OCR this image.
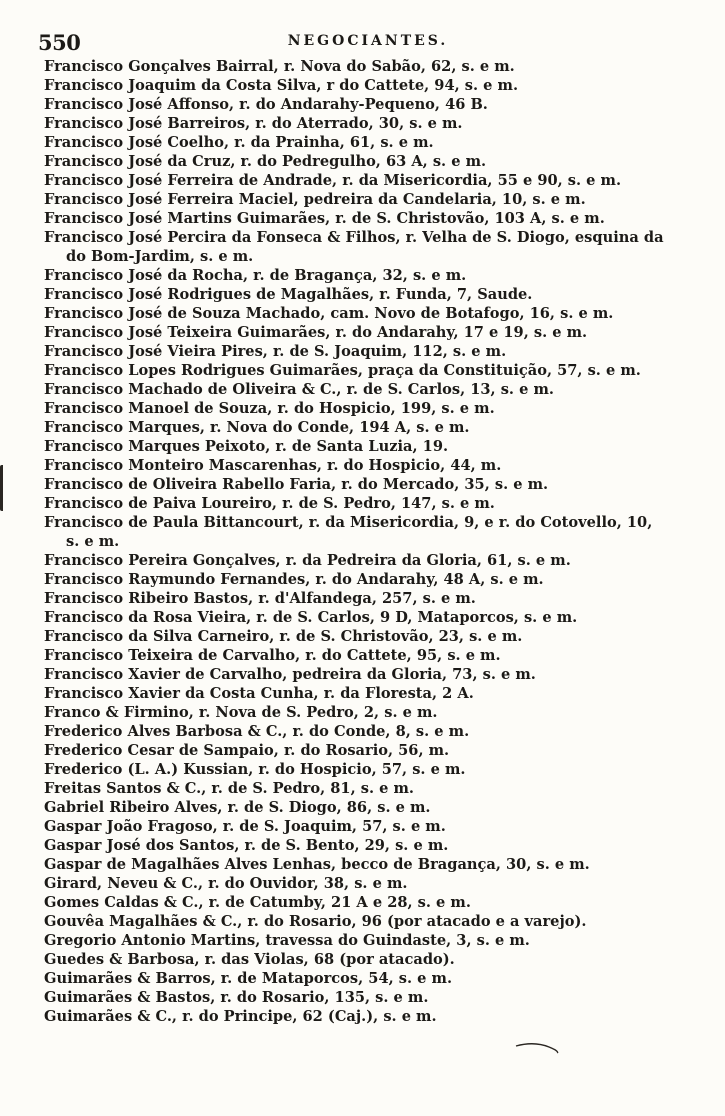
550	NEGOCIANTES.
Francisco Gonçalves Bairral, r. Nova do Sabão, 62, s. e m.
Francisco Joaquim da Costa Silva, r do Cattete, 94, s. e m.
Francisco José Affonso, r. do Andarahy-Pequeno, 46 B.
Francisco José Barreiros, r. do Aterrado, 30, s. e m.
Francisco José Coelho, r. da Prainha, 61, s. e m.
Francisco José da Cruz, r. do Pedregulho, 63 A, s. e m.
Francisco José Ferreira de Andrade, r. da Misericordia, 55 e 90, s. e m.
Francisco José Ferreira Maciel, pedreira da Candelaria, 10, s. e m.
Francisco José Martins Guimarães, r. de S. Christovão, 103 A, s. e m.
Francisco José Percira da Fonseca & Filhos, r. Velha de S. Diogo, esquina da
do Bom-Jardim, s. e m.
Francisco José da Rocha, r. de Bragança, 32, s. e m.
Francisco José Rodrigues de Magalhães, r. Funda, 7, Saude.
Francisco José de Souza Machado, cam. Novo de Botafogo, 16, s. e m.
Francisco José Teixeira Guimarães, r. do Andarahy, 17 e 19, s. e m.
Francisco José Vieira Pires, r. de S. Joaquim, 112, s. e m.
Francisco Lopes Rodrigues Guimarães, praça da Constituição, 57, s. e m.
Francisco Machado de Oliveira & C., r. de S. Carlos, 13, s. e m.
Francisco Manoel de Souza, r. do Hospicio, 199, s. e m.
Francisco Marques, r. Nova do Conde, 194 A, s. e m.
Francisco Marques Peixoto, r. de Santa Luzia, 19.
Francisco Monteiro Mascarenhas, r. do Hospicio, 44, m.
Francisco de Oliveira Rabello Faria, r. do Mercado, 35, s. e m.
Francisco de Paiva Loureiro, r. de S. Pedro, 147, s. e m.
Francisco de Paula Bittancourt, r. da Misericordia, 9, e r. do Cotovello, 10,
s. e m.
Francisco Pereira Gonçalves, r. da Pedreira da Gloria, 61, s. e m.
Francisco Raymundo Fernandes, r. do Andarahy, 48 A, s. e m.
Francisco Ribeiro Bastos, r. d'Alfandega, 257, s. e m.
Francisco da Rosa Vieira, r. de S. Carlos, 9 D, Mataporcos, s. e m.
Francisco da Silva Carneiro, r. de S. Christovão, 23, s. e m.
Francisco Teixeira de Carvalho, r. do Cattete, 95, s. e m.
Francisco Xavier de Carvalho, pedreira da Gloria, 73, s. e m.
Francisco Xavier da Costa Cunha, r. da Floresta, 2 A.
Franco & Firmino, r. Nova de S. Pedro, 2, s. e m.
Frederico Alves Barbosa & C., r. do Conde, 8, s. e m.
Frederico Cesar de Sampaio, r. do Rosario, 56, m.
Frederico (L. A.) Kussian, r. do Hospicio, 57, s. e m.
Freitas Santos & C., r. de S. Pedro, 81, s. e m.
Gabriel Ribeiro Alves, r. de S. Diogo, 86, s. e m.
Gaspar João Fragoso, r. de S. Joaquim, 57, s. e m.
Gaspar José dos Santos, r. de S. Bento, 29, s. e m.
Gaspar de Magalhães Alves Lenhas, becco de Bragança, 30, s. e m.
Girard, Neveu & C., r. do Ouvidor, 38, s. e m.
Gomes Caldas & C., r. de Catumby, 21 A e 28, s. e m.
Gouvêa Magalhães & C., r. do Rosario, 96 (por atacado e a varejo).
Gregorio Antonio Martins, travessa do Guindaste, 3, s. e m.
Guedes & Barbosa, r. das Violas, 68 (por atacado).
Guimarães & Barros, r. de Mataporcos, 54, s. e m.
Guimarães & Bastos, r. do Rosario, 135, s. e m.
Guimarães & C., r. do Principe, 62 (Caj.), s. e m.
